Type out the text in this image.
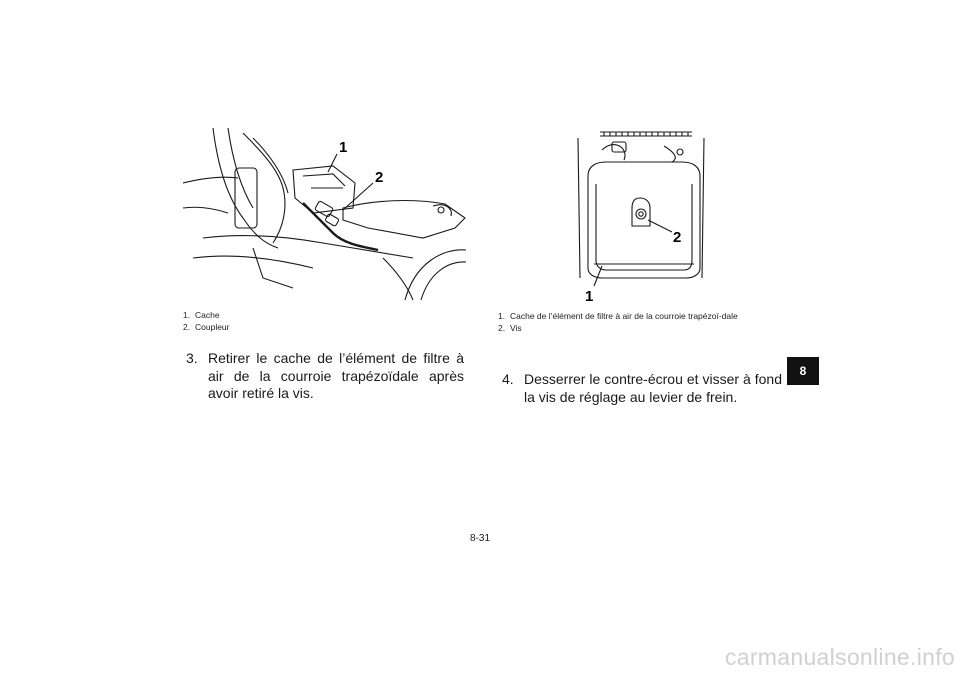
1
2
1. Cache
2. Coupleur
3. Retirer le cache de l’élément de filtre à air de la courroie trapézoïdale après avoir retiré la vis.
2
1
1. Cache de l’élément de filtre à air de la courroie trapézoï-dale
2. Vis
4. Desserrer le contre-écrou et visser à fond la vis de réglage au levier de frein.
8
8-31
carmanualsonline.info
